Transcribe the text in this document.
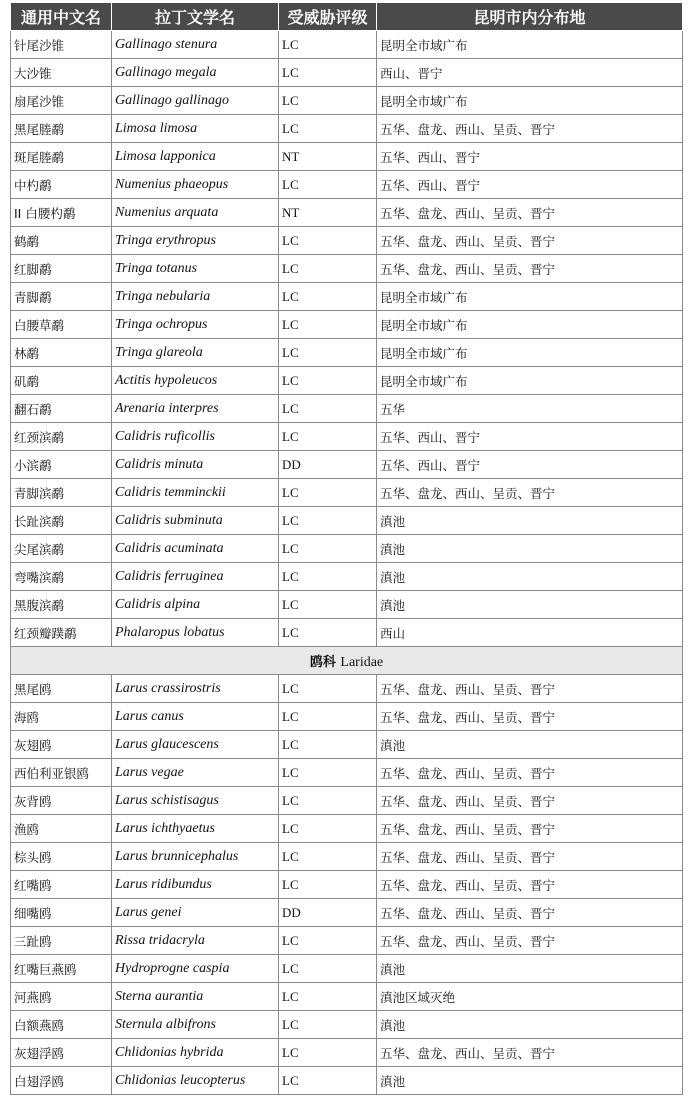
通用中文名	拉丁文学名	受威胁评级	昆明市内分布地
针尾沙锥	Gallinago stenura	LC	昆明全市域广布
大沙锥	Gallinago megala	LC	西山、晋宁
扇尾沙锥	Gallinago gallinago	LC	昆明全市域广布
黑尾塍鹬	Limosa limosa	LC	五华、盘龙、西山、呈贡、晋宁
斑尾塍鹬	Limosa lapponica	NT	五华、西山、晋宁
中杓鹬	Numenius phaeopus	LC	五华、西山、晋宁
II 白腰杓鹬	Numenius arquata	NT	五华、盘龙、西山、呈贡、晋宁
鹤鹬	Tringa erythropus	LC	五华、盘龙、西山、呈贡、晋宁
红脚鹬	Tringa totanus	LC	五华、盘龙、西山、呈贡、晋宁
青脚鹬	Tringa nebularia	LC	昆明全市域广布
白腰草鹬	Tringa ochropus	LC	昆明全市域广布
林鹬	Tringa glareola	LC	昆明全市域广布
矶鹬	Actitis hypoleucos	LC	昆明全市域广布
翻石鹬	Arenaria interpres	LC	五华
红颈滨鹬	Calidris ruficollis	LC	五华、西山、晋宁
小滨鹬	Calidris minuta	DD	五华、西山、晋宁
青脚滨鹬	Calidris temminckii	LC	五华、盘龙、西山、呈贡、晋宁
长趾滨鹬	Calidris subminuta	LC	滇池
尖尾滨鹬	Calidris acuminata	LC	滇池
弯嘴滨鹬	Calidris ferruginea	LC	滇池
黑腹滨鹬	Calidris alpina	LC	滇池
红颈瓣蹼鹬	Phalaropus lobatus	LC	西山
鸥科 Laridae			
黑尾鸥	Larus crassirostris	LC	五华、盘龙、西山、呈贡、晋宁
海鸥	Larus canus	LC	五华、盘龙、西山、呈贡、晋宁
灰翅鸥	Larus glaucescens	LC	滇池
西伯利亚银鸥	Larus vegae	LC	五华、盘龙、西山、呈贡、晋宁
灰背鸥	Larus schistisagus	LC	五华、盘龙、西山、呈贡、晋宁
渔鸥	Larus ichthyaetus	LC	五华、盘龙、西山、呈贡、晋宁
棕头鸥	Larus brunnicephalus	LC	五华、盘龙、西山、呈贡、晋宁
红嘴鸥	Larus ridibundus	LC	五华、盘龙、西山、呈贡、晋宁
细嘴鸥	Larus genei	DD	五华、盘龙、西山、呈贡、晋宁
三趾鸥	Rissa tridacryla	LC	五华、盘龙、西山、呈贡、晋宁
红嘴巨燕鸥	Hydroprogne caspia	LC	滇池
河燕鸥	Sterna aurantia	LC	滇池区域灭绝
白额燕鸥	Sternula albifrons	LC	滇池
灰翅浮鸥	Chlidonias hybrida	LC	五华、盘龙、西山、呈贡、晋宁
白翅浮鸥	Chlidonias leucopterus	LC	滇池
